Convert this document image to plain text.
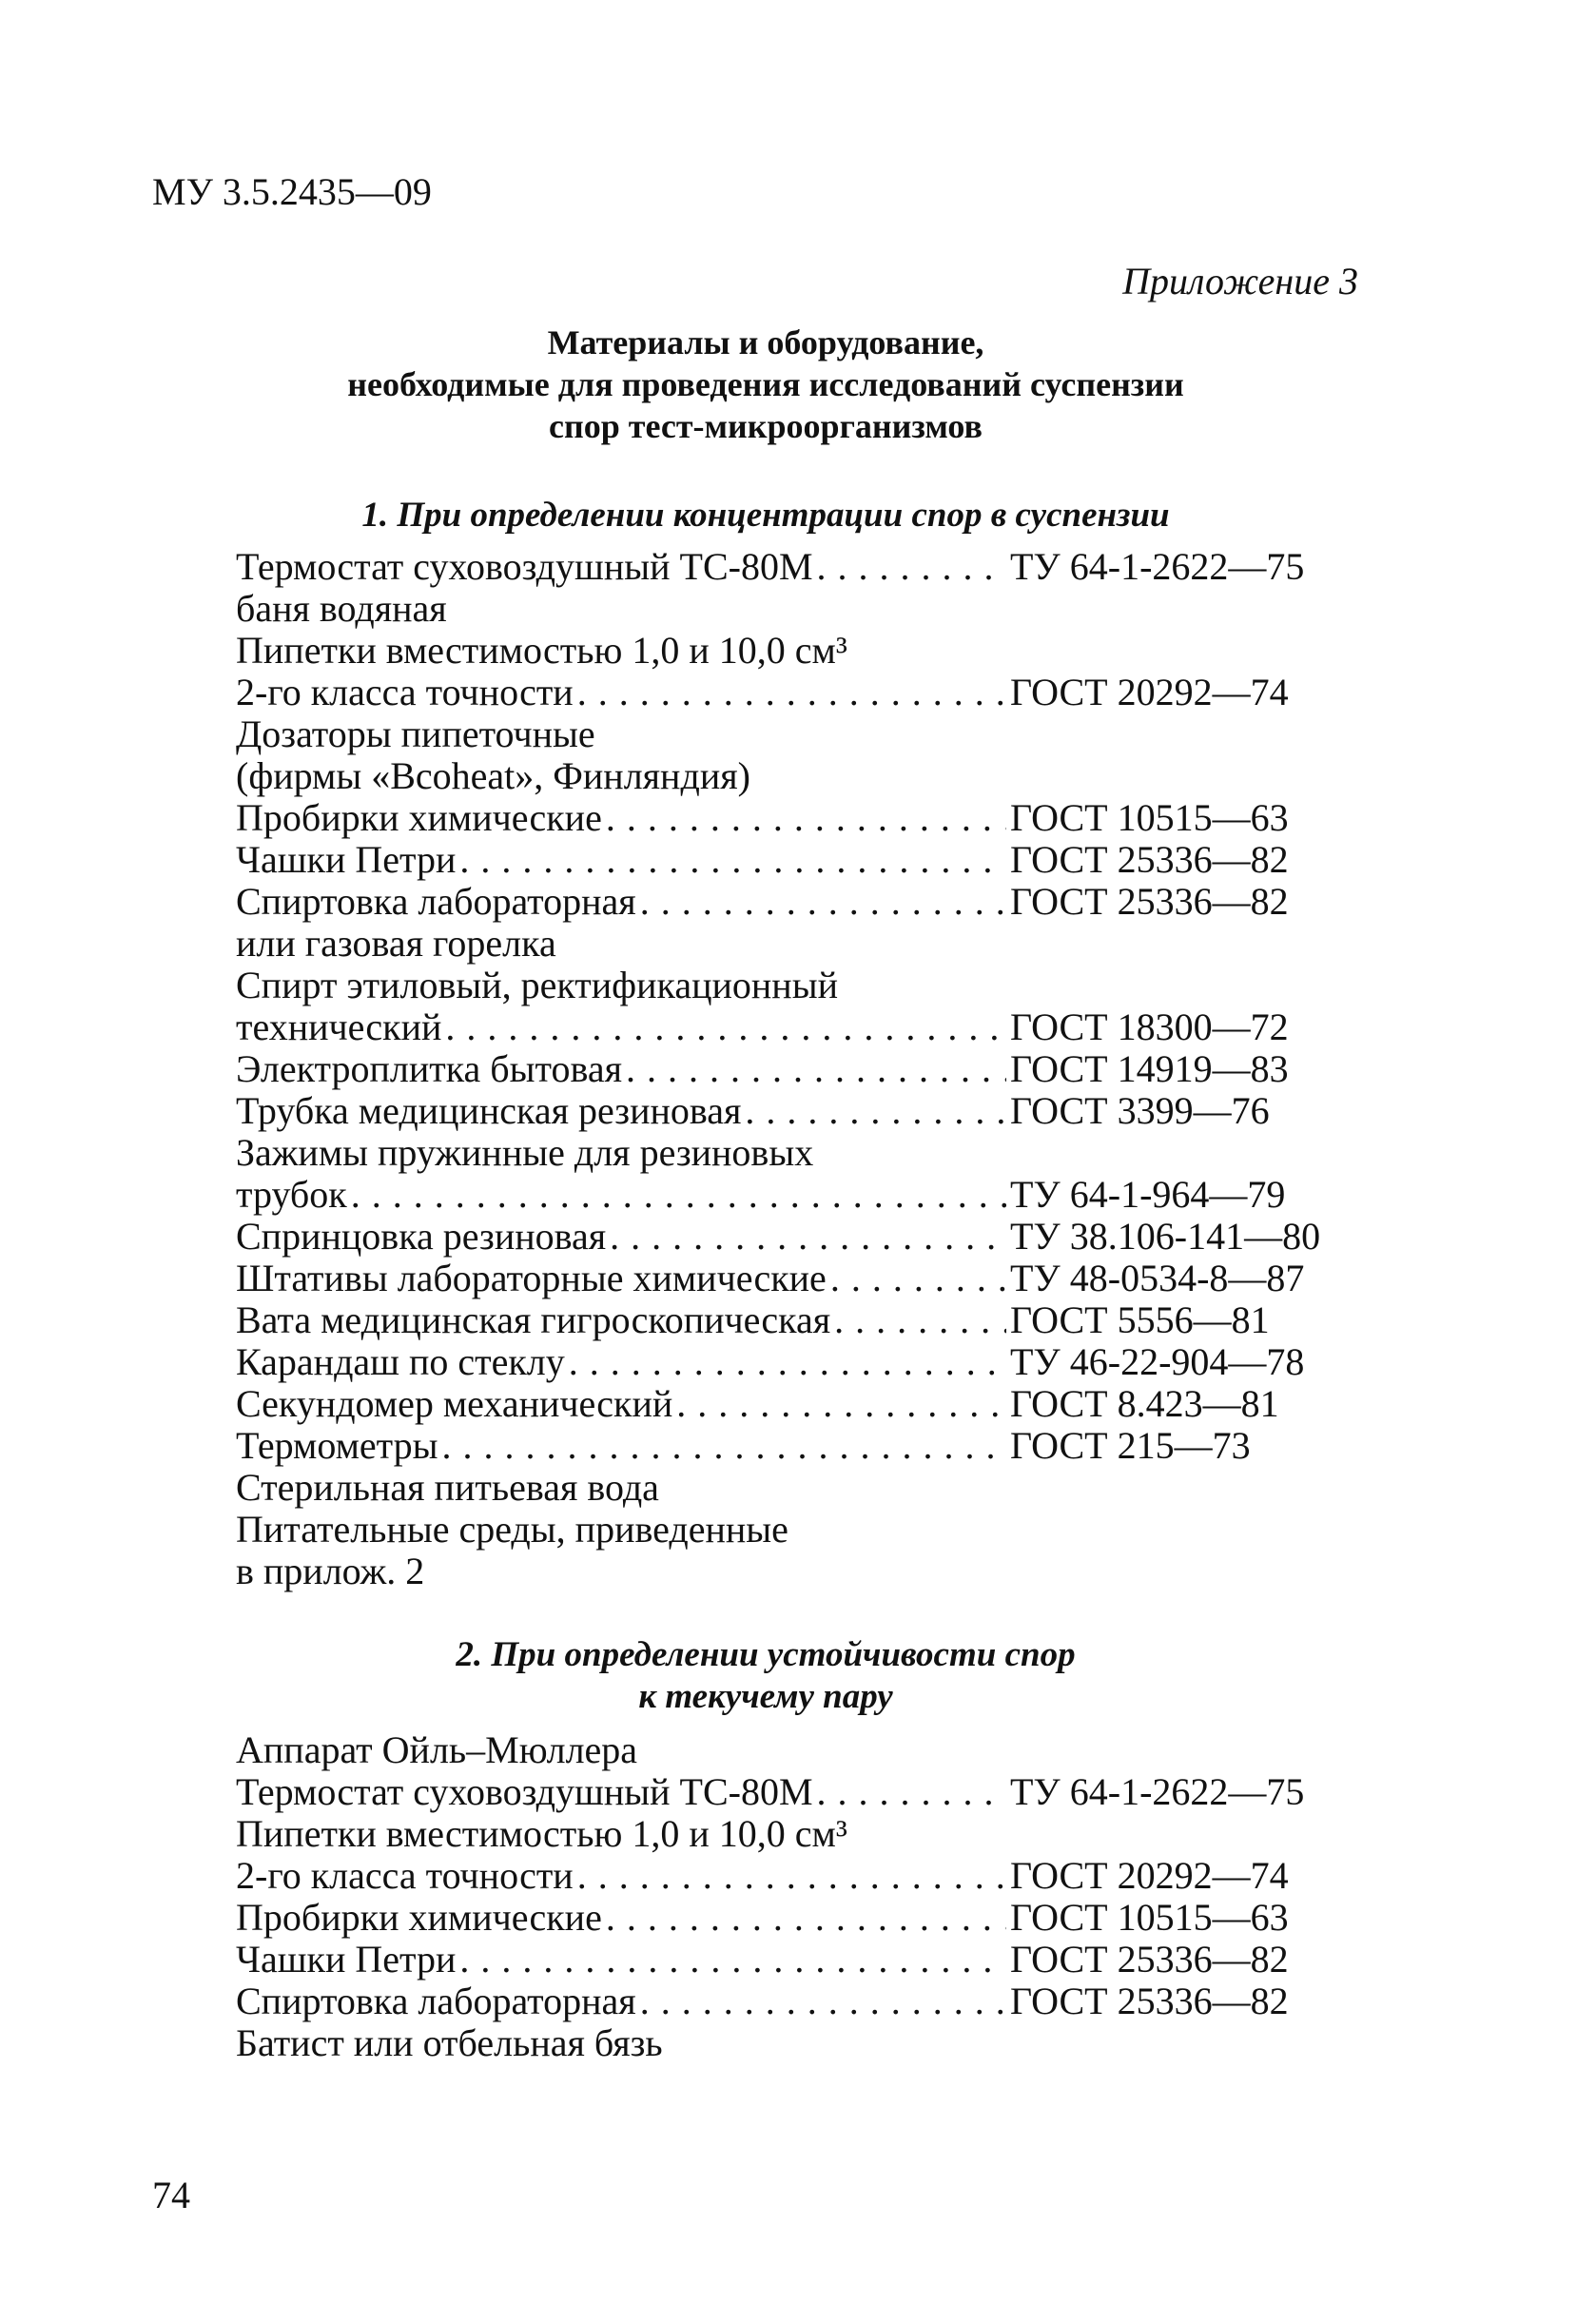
МУ 3.5.2435—09
Приложение 3
Материалы и оборудование,
необходимые для проведения исследований суспензии
спор тест-микроорганизмов
1. При определении концентрации спор в суспензии
Термостат суховоздушный ТС-80М . . .	ТУ 64-1-2622—75
баня водяная
Пипетки вместимостью 1,0 и 10,0 см³
2-го класса точности . . .	ГОСТ 20292—74
Дозаторы пипеточные
(фирмы «Bcoheat», Финляндия)
Пробирки химические . . .	ГОСТ 10515—63
Чашки Петри . . .	ГОСТ 25336—82
Спиртовка лабораторная . . .	ГОСТ 25336—82
или газовая горелка
Спирт этиловый, ректификационный
технический . . .	ГОСТ 18300—72
Электроплитка бытовая . . .	ГОСТ 14919—83
Трубка медицинская резиновая . . .	ГОСТ 3399—76
Зажимы пружинные для резиновых
трубок . . .	ТУ 64-1-964—79
Спринцовка резиновая . . .	ТУ 38.106-141—80
Штативы лабораторные химические . . .	ТУ 48-0534-8—87
Вата медицинская гигроскопическая . . .	ГОСТ 5556—81
Карандаш по стеклу . . .	ТУ 46-22-904—78
Секундомер механический . . .	ГОСТ 8.423—81
Термометры . . .	ГОСТ 215—73
Стерильная питьевая вода
Питательные среды, приведенные
в прилож. 2
2. При определении устойчивости спор
к текучему пару
Аппарат Ойль–Мюллера
Термостат суховоздушный ТС-80М . . .	ТУ 64-1-2622—75
Пипетки вместимостью 1,0 и 10,0 см³
2-го класса точности . . .	ГОСТ 20292—74
Пробирки химические . . .	ГОСТ 10515—63
Чашки Петри . . .	ГОСТ 25336—82
Спиртовка лабораторная . . .	ГОСТ 25336—82
Батист или отбельная бязь
74
